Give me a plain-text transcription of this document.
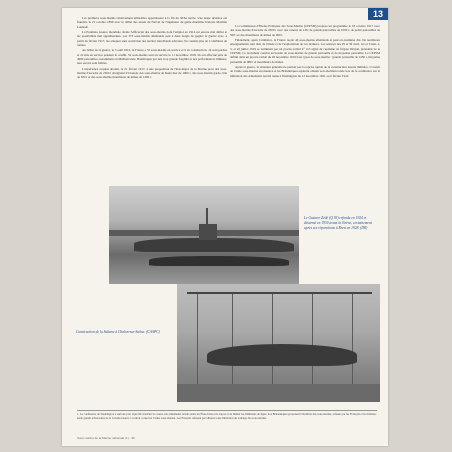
13

Les premiers sous-marins relativement utilisables apparaissent à la fin du XIXe siècle. Une étape décisive est franchie le 21 octobre 1899 avec le début des essais du Narval de l'ingénieur du génie maritime français Maxime Laubeuf.

La Première Guerre mondiale révèle l'efficacité des sous-marins dont l'emploi en 1914 est encore mal défini et les possibilités mal appréhendées. Les 373 sous-marins allemands sont à deux doigts de gagner la guerre avec, à partir de février 1917, les attaques sans restriction des navires marchands adverses. Ils coulent plus de 11 millions de tonnes.

Au début de la guerre, le 3 août 1914, la France a 55 sous-marins en service et 6 en construction. 14 sont perdus et 22 mis en service pendant le conflit. 52 sous-marins sont en service le 11 novembre 1918. Ils ont effectué près de 4000 patrouilles, notamment en Méditerranée. Handicapés par une trop grande fragilité et des performances limitées, leur succès sont faibles.

L'expérience acquise aboutit, le 21 février 1917, à une proposition de l'état-major de la Marine pour des sous-marins d'escadre de 2300 t atteignant 23 nœuds, des sous-marins de haute mer de 1000 t, des sous-marins garde-côte de 500 t et des sous-marins mouilleurs de mines de 1200 t.

La Commission d'Études Pratiques des Sous-Marins (CEPSM) propose un programme le 18 octobre 1917 avec des sous-marins d'escadre de 2300 t avec des canons de 138, de grands patrouilles de 1000 t, de petits patrouilles de 500 t et des mouilleurs de mines de 900 t.

Finalement, après l'armistice, la France reçoit 46 sous-marins allemands et peut en examiner dix. De nombreux enseignements sont tirés de l'étude et de l'exploitation de ces derniers. Les séances des 29 et 30 avril, 1er et 6 mai, 2, 3, et 10 juillet 1919 se terminent par un procès-verbal n° 115 signé du capitaine de frégate Drujon, président de la CEPSM. Ce document conclut au besoin de sous-marins de grande patrouille et de moyenne patrouille. Le CEPSM définit dans un procès-verbal du 20 novembre 1919 trois types de sous-marins : grande patrouille de 1450 t, moyenne patrouille de 980 t et mouilleurs de mines.

Après la guerre, la situation générale ne permet pas la reprise rapide de la construction navale militaire. L'avenir de l'arme sous-marine est menacé et les Britanniques espèrent obtenir son abolition totale lors de la conférence sur la limitation des armements navals tenue à Washington du 12 novembre 1921 au 6 février 1922.

Le Gustave Zédé (Q 93) refondu en 1924 et désarmé en 1930 avant la Sirène, certainement après ses réparations à Brest en 1928. (DR)
Construction de la Sultane à Chalon-sur-Saône. (CAAPC)
1. La conférence de Washington a surtout pour objectifs d'arrêter la course aux armements navals entre les États-Unis et le Japon et de limiter les bâtiments de ligne. Les Britanniques proposent l'abolition des sous-marins, refusée par les Français et les Italiens, seuls grands adversaires de la Grande-Guerre à vouloir conserver l'arme sous-marine. Les Français refusent par ailleurs toute limitation du tonnage des sous-marins.
Sous-marins de la Marine nationale (1) - 36
